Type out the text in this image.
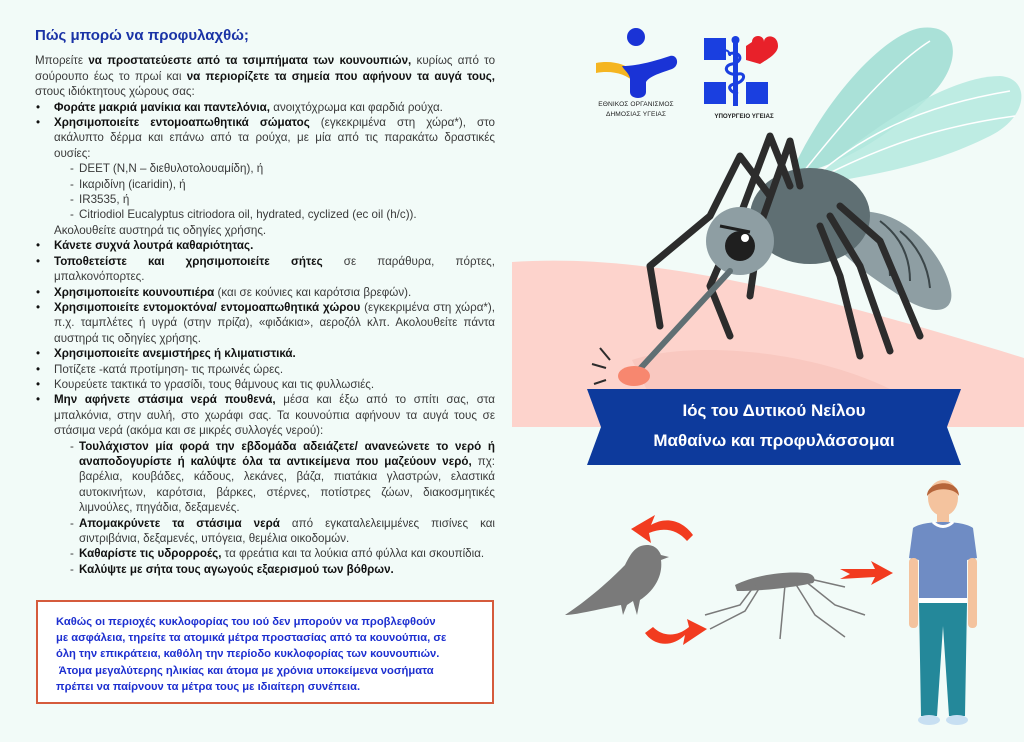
Πώς μπορώ να προφυλαχθώ;

Μπορείτε να προστατεύεστε από τα τσιμπήματα των κουνουπιών, κυρίως από το σούρουπο έως το πρωί και να περιορίζετε τα σημεία που αφήνουν τα αυγά τους, στους ιδιόκτητους χώρους σας:

• Φοράτε μακριά μανίκια και παντελόνια, ανοιχτόχρωμα και φαρδιά ρούχα.
• Χρησιμοποιείτε εντομοαπωθητικά σώματος (εγκεκριμένα στη χώρα*), στο ακάλυπτο δέρμα και επάνω από τα ρούχα, με μία από τις παρακάτω δραστικές ουσίες:
- DEET (N,N – διεθυλοτολουαμίδη), ή
- Ικαριδίνη (icaridin), ή
- IR3535, ή
- Citriodiol Eucalyptus citriodora oil, hydrated, cyclized (ec oil (h/c)).
Ακολουθείτε αυστηρά τις οδηγίες χρήσης.
• Κάνετε συχνά λουτρά καθαριότητας.
• Τοποθετείστε και χρησιμοποιείτε σήτες σε παράθυρα, πόρτες, μπαλκονόπορτες.
• Χρησιμοποιείτε κουνουπιέρα (και σε κούνιες και καρότσια βρεφών).
• Χρησιμοποιείτε εντομοκτόνα/ εντομοαπωθητικά χώρου (εγκεκριμένα στη χώρα*), π.χ. ταμπλέτες ή υγρά (στην πρίζα), «φιδάκια», αεροζόλ κλπ. Ακολουθείτε πάντα αυστηρά τις οδηγίες χρήσης.
• Χρησιμοποιείτε ανεμιστήρες ή κλιματιστικά.
• Ποτίζετε -κατά προτίμηση- τις πρωινές ώρες.
• Κουρεύετε τακτικά το γρασίδι, τους θάμνους και τις φυλλωσιές.
• Μην αφήνετε στάσιμα νερά πουθενά, μέσα και έξω από το σπίτι σας, στα μπαλκόνια, στην αυλή, στο χωράφι σας. Τα κουνούπια αφήνουν τα αυγά τους σε στάσιμα νερά (ακόμα και σε μικρές συλλογές νερού):
- Τουλάχιστον μία φορά την εβδομάδα αδειάζετε/ ανανεώνετε το νερό ή αναποδογυρίστε ή καλύψτε όλα τα αντικείμενα που μαζεύουν νερό, πχ: βαρέλια, κουβάδες, κάδους, λεκάνες, βάζα, πιατάκια γλαστρών, ελαστικά αυτοκινήτων, καρότσια, βάρκες, στέρνες, ποτίστρες ζώων, διακοσμητικές λιμνούλες, πηγάδια, δεξαμενές.
- Απομακρύνετε τα στάσιμα νερά από εγκαταλελειμμένες πισίνες και σιντριβάνια, δεξαμενές, υπόγεια, θεμέλια οικοδομών.
- Καθαρίστε τις υδρορροές, τα φρεάτια και τα λούκια από φύλλα και σκουπίδια.
- Καλύψτε με σήτα τους αγωγούς εξαερισμού των βόθρων.
Καθώς οι περιοχές κυκλοφορίας του ιού δεν μπορούν να προβλεφθούν
με ασφάλεια, τηρείτε τα ατομικά μέτρα προστασίας από τα κουνούπια, σε
όλη την επικράτεια, καθόλη την περίοδο κυκλοφορίας των κουνουπιών.
Άτομα μεγαλύτερης ηλικίας και άτομα με χρόνια υποκείμενα νοσήματα
πρέπει να παίρνουν τα μέτρα τους με ιδιαίτερη συνέπεια.
ΕΘΝΙΚΟΣ ΟΡΓΑΝΙΣΜΟΣ
ΔΗΜΟΣΙΑΣ ΥΓΕΙΑΣ	ΥΠΟΥΡΓΕΙΟ ΥΓΕΙΑΣ
Ιός του Δυτικού Νείλου
Μαθαίνω και προφυλάσσομαι
